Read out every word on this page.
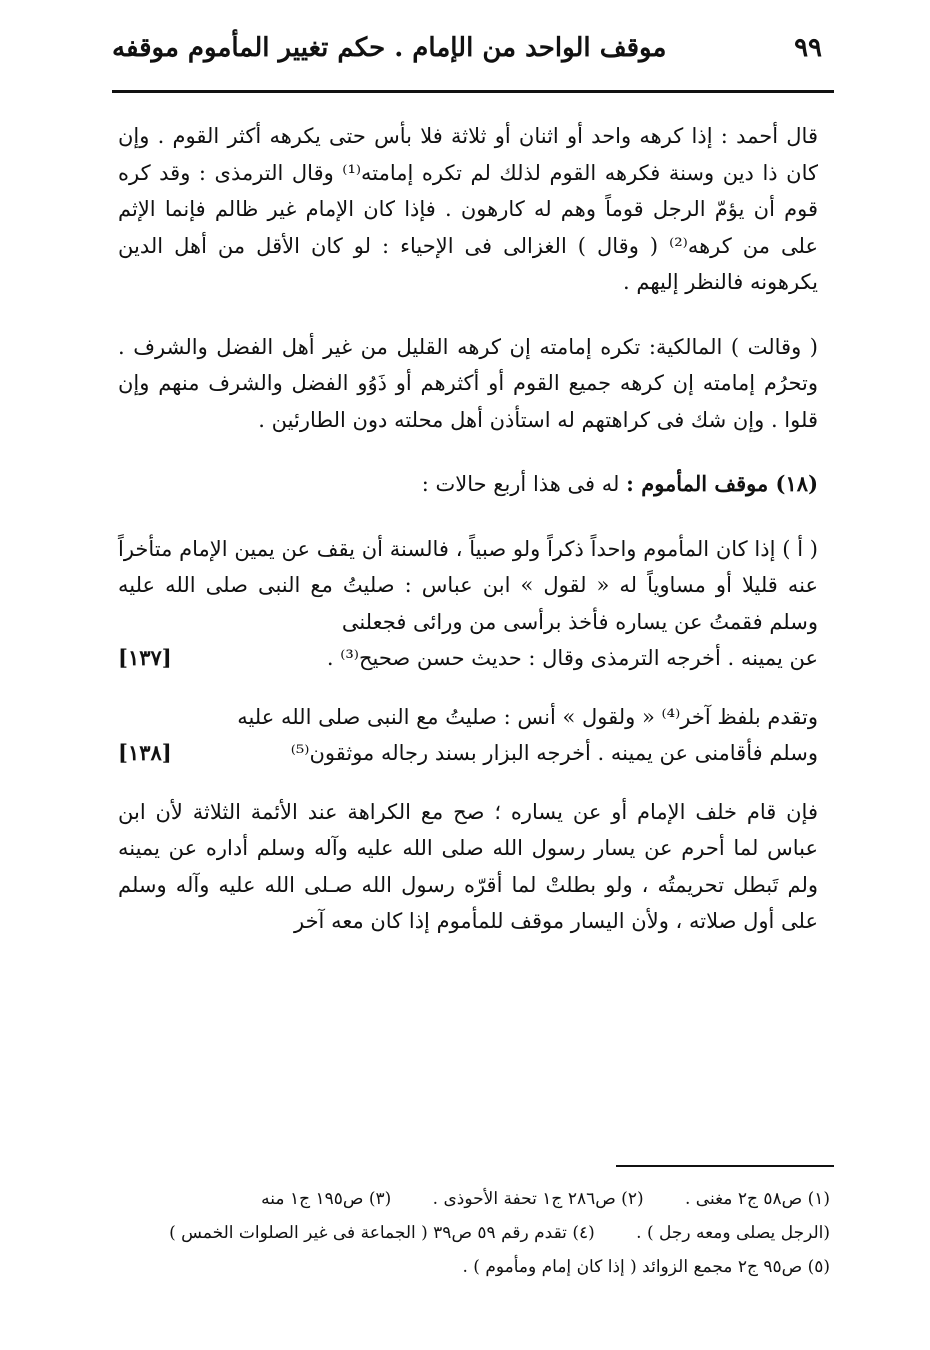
موقف الواحد من الإمام . حكم تغيير المأموم موقفه	٩٩

قال أحمد : إذا كرهه واحد أو اثنان أو ثلاثة فلا بأس حتى يكرهه أكثر القوم . وإن كان ذا دين وسنة فكرهه القوم لذلك لم تكره إمامته⁽¹⁾ وقال الترمذى : وقد كره قوم أن يؤمّ الرجل قوماً وهم له كارهون . فإذا كان الإمام غير ظالم فإنما الإثم على من كرهه⁽²⁾ ( وقال ) الغزالى فى الإحياء : لو كان الأقل من أهل الدين يكرهونه فالنظر إليهم .

( وقالت ) المالكية: تكره إمامته إن كرهه القليل من غير أهل الفضل والشرف . وتحرُم إمامته إن كرهه جميع القوم أو أكثرهم أو ذَوُو الفضل والشرف منهم وإن قلوا . وإن شك فى كراهتهم له استأذن أهل محلته دون الطارئين .

(١٨) موقف المأموم : له فى هذا أربع حالات :

( أ ) إذا كان المأموم واحداً ذكراً ولو صبياً ، فالسنة أن يقف عن يمين الإمام متأخراً عنه قليلا أو مساوياً له « لقول » ابن عباس : صليتُ مع النبى صلى الله عليه وسلم فقمتُ عن يساره فأخذ برأسى من ورائى فجعلنى

عن يمينه . أخرجه الترمذى وقال : حديث حسن صحيح⁽³⁾ .
[١٣٧]

وتقدم بلفظ آخر⁽⁴⁾ « ولقول » أنس : صليتُ مع النبى صلى الله عليه

وسلم فأقامنى عن يمينه . أخرجه البزار بسند رجاله موثقون⁽⁵⁾
[١٣٨]

فإن قام خلف الإمام أو عن يساره ؛ صح مع الكراهة عند الأئمة الثلاثة لأن ابن عباس لما أحرم عن يسار رسول الله صلى الله عليه وآله وسلم أداره عن يمينه ولم تَبطل تحريمتُه ، ولو بطلتْ لما أقرّه رسول الله صـلى الله عليه وآله وسلم على أول صلاته ، ولأن اليسار موقف للمأموم إذا كان معه آخر

(١) ص٥٨ ج٢ مغنى . (٢) ص٢٨٦ ج١ تحفة الأحوذى . (٣) ص١٩٥ ج١ منه
(الرجل يصلى ومعه رجل ) . (٤) تقدم رقم ٥٩ ص٣٩ ( الجماعة فى غير الصلوات الخمس )
(٥) ص٩٥ ج٢ مجمع الزوائد ( إذا كان إمام ومأموم ) .
